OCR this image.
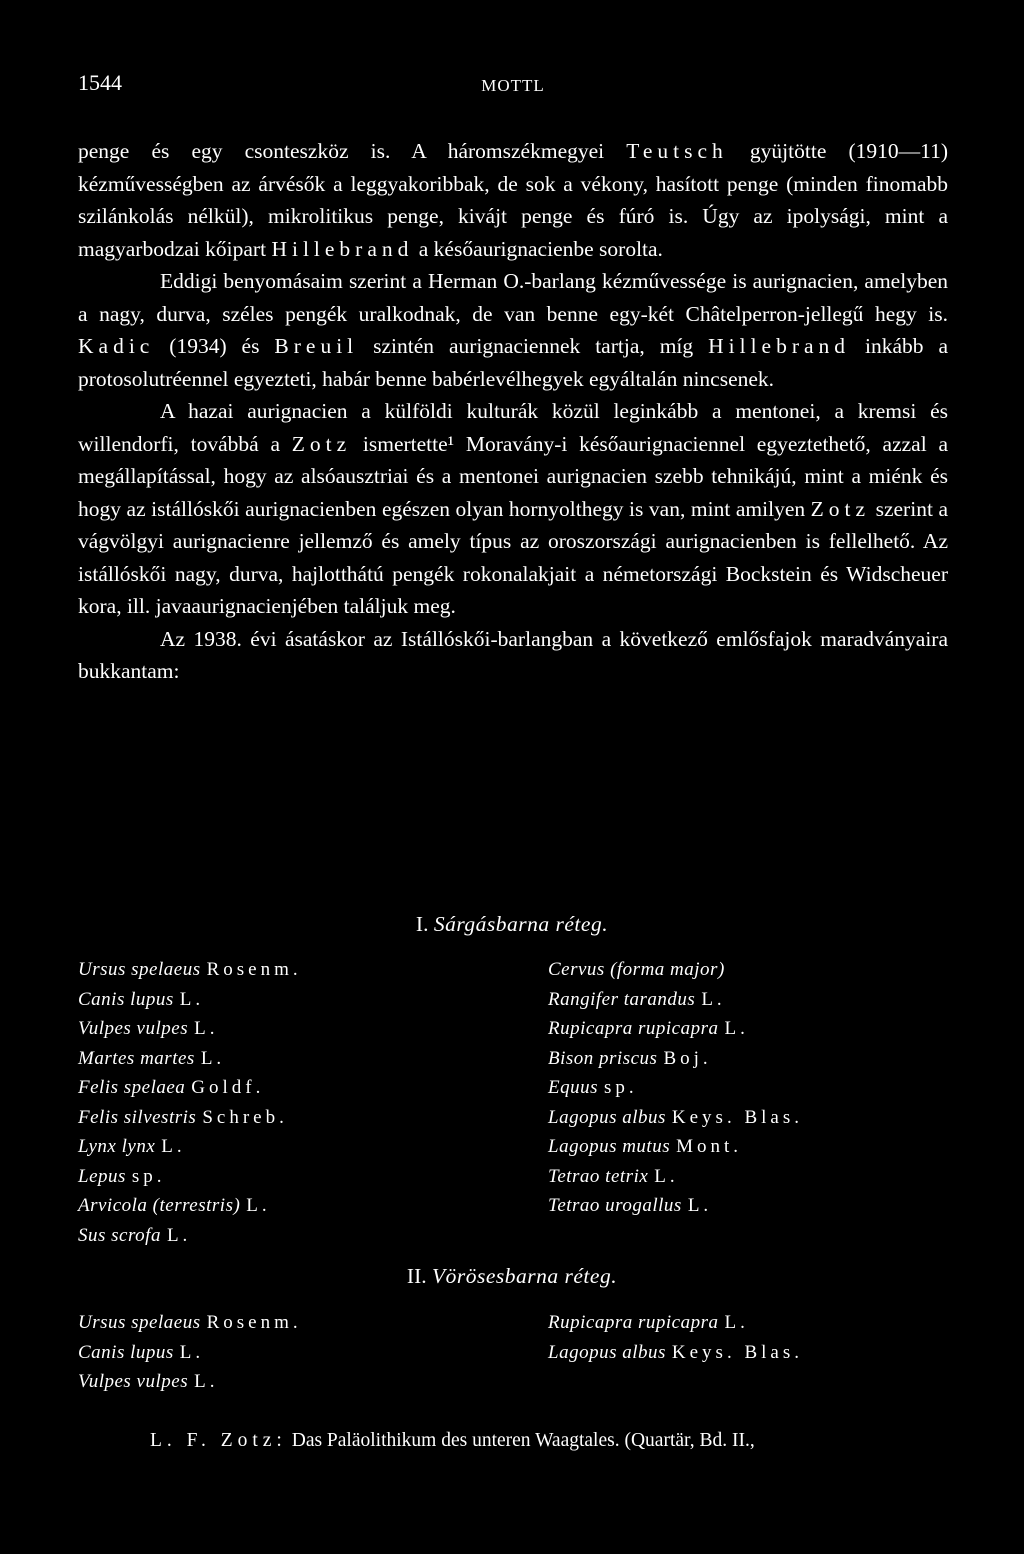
1544	MOTTL

penge és egy csonteszköz is. A háromszékmegyei Teutsch gyüjtötte (1910—11) kézművességben az árvésők a leggyakoribbak, de sok a vékony, hasított penge (minden finomabb szilánkolás nélkül), mikrolitikus penge, kivájt penge és fúró is. Úgy az ipolysági, mint a magyarbodzai kőipart Hillebrand a későaurignacienbe sorolta.

Eddigi benyomásaim szerint a Herman O.-barlang kézművessége is aurignacien, amelyben a nagy, durva, széles pengék uralkodnak, de van benne egy-két Châtelperron-jellegű hegy is. Kadic (1934) és Breuil szintén aurignaciennek tartja, míg Hillebrand inkább a protosolutréennel egyezteti, habár benne babérlevélhegyek egyáltalán nincsenek.

A hazai aurignacien a külföldi kulturák közül leginkább a mentonei, a kremsi és willendorfi, továbbá a Zotz ismertette¹ Moravány-i későaurignaciennel egyeztethető, azzal a megállapítással, hogy az alsóausztriai és a mentonei aurignacien szebb tehnikájú, mint a miénk és hogy az istállóskői aurignacienben egészen olyan hornyolthegy is van, mint amilyen Zotz szerint a vágvölgyi aurignacienre jellemző és amely típus az oroszországi aurignacienben is fellelhető. Az istállóskői nagy, durva, hajlotthátú pengék rokonalakjait a németországi Bockstein és Widscheuer kora, ill. javaaurignacienjében találjuk meg.

Az 1938. évi ásatáskor az Istállóskői-barlangban a következő emlősfajok maradványaira bukkantam:

I. Sárgásbarna réteg.
Ursus spelaeus Rosenm.
Canis lupus L.
Vulpes vulpes L.
Martes martes L.
Felis spelaea Goldf.
Felis silvestris Schreb.
Lynx lynx L.
Lepus sp.
Arvicola (terrestris) L.
Sus scrofa L.
Cervus (forma major)
Rangifer tarandus L.
Rupicapra rupicapra L.
Bison priscus Boj.
Equus sp.
Lagopus albus Keys. Blas.
Lagopus mutus Mont.
Tetrao tetrix L.
Tetrao urogallus L.
II. Vörösesbarna réteg.
Ursus spelaeus Rosenm.
Canis lupus L.
Vulpes vulpes L.
Rupicapra rupicapra L.
Lagopus albus Keys. Blas.
L. F. Zotz: Das Paläolithikum des unteren Waagtales. (Quartär, Bd. II.,
